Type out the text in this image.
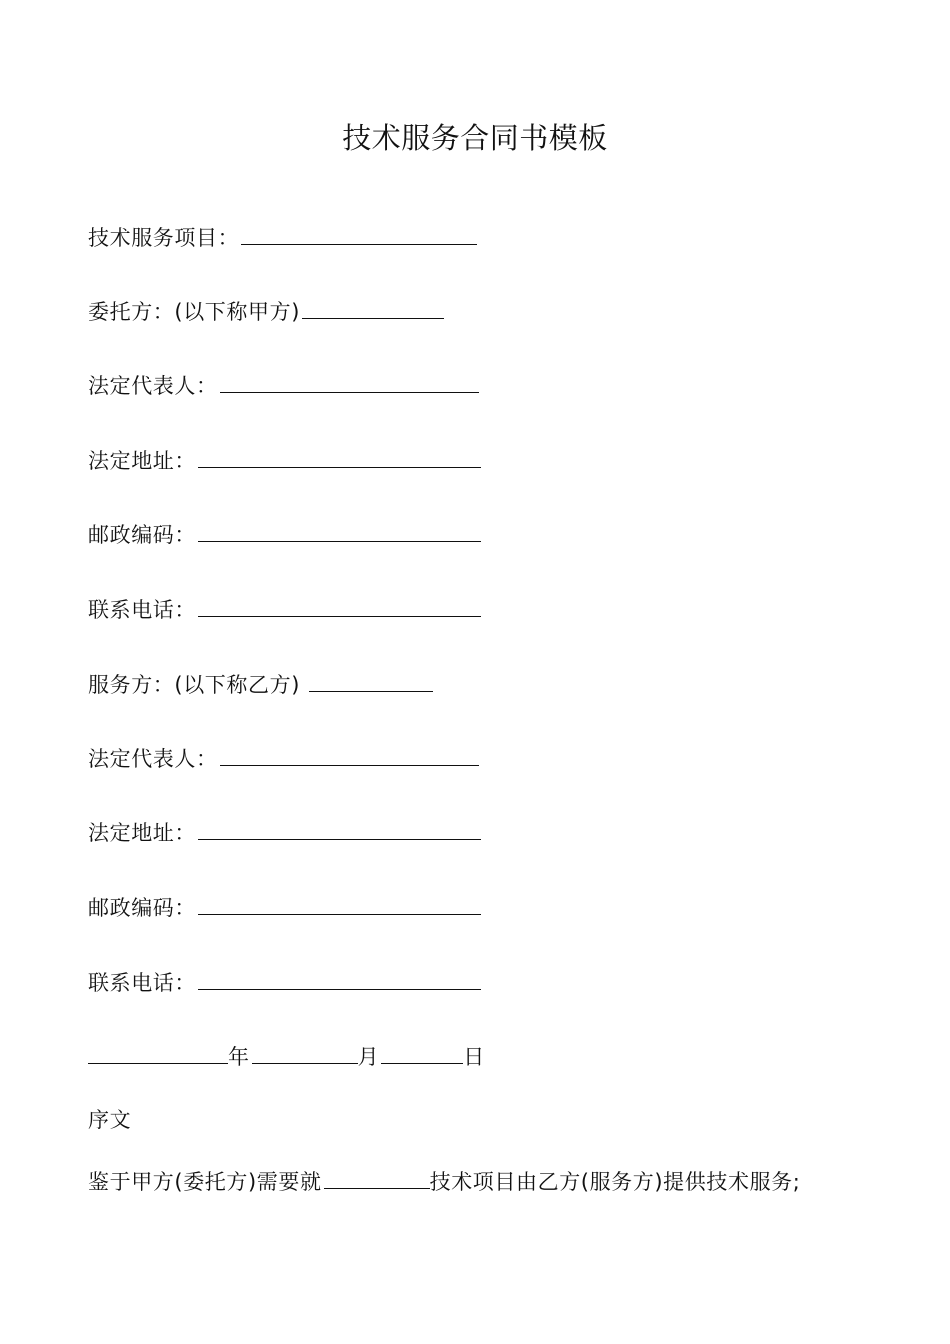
技术服务合同书模板
技术服务项目：
委托方：(以下称甲方)
法定代表人：
法定地址：
邮政编码：
联系电话：
服务方：(以下称乙方)
法定代表人：
法定地址：
邮政编码：
联系电话：
年	月	日
序文
鉴于甲方(委托方)需要就	技术项目由乙方(服务方)提供技术服务;
